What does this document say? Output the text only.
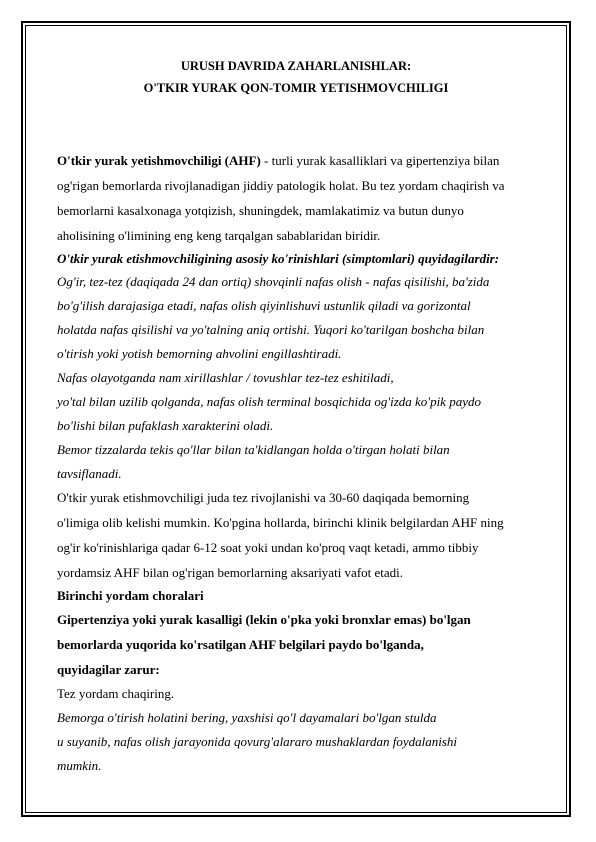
URUSH DAVRIDA ZAHARLANISHLAR:
O'TKIR YURAK QON-TOMIR YETISHMOVCHILIGI
O'tkir yurak yetishmovchiligi (AHF) - turli yurak kasalliklari va gipertenziya bilan
og'rigan bemorlarda rivojlanadigan jiddiy patologik holat. Bu tez yordam chaqirish va
bemorlarni kasalxonaga yotqizish, shuningdek, mamlakatimiz va butun dunyo
aholisining o'limining eng keng tarqalgan sabablaridan biridir.
O'tkir yurak etishmovchiligining asosiy ko'rinishlari (simptomlari) quyidagilardir:
Og'ir, tez-tez (daqiqada 24 dan ortiq) shovqinli nafas olish - nafas qisilishi, ba'zida
bo'g'ilish darajasiga etadi, nafas olish qiyinlishuvi ustunlik qiladi va gorizontal
holatda nafas qisilishi va yo'talning aniq ortishi. Yuqori ko'tarilgan boshcha bilan
o'tirish yoki yotish bemorning ahvolini engillashtiradi.
Nafas olayotganda nam xirillashlar / tovushlar tez-tez eshitiladi,
yo'tal bilan uzilib qolganda, nafas olish terminal bosqichida og'izda ko'pik paydo
bo'lishi bilan pufaklash xarakterini oladi.
Bemor tizzalarda tekis qo'llar bilan ta'kidlangan holda o'tirgan holati bilan
tavsiflanadi.
O'tkir yurak etishmovchiligi juda tez rivojlanishi va 30-60 daqiqada bemorning
o'limiga olib kelishi mumkin. Ko'pgina hollarda, birinchi klinik belgilardan AHF ning
og'ir ko'rinishlariga qadar 6-12 soat yoki undan ko'proq vaqt ketadi, ammo tibbiy
yordamsiz AHF bilan og'rigan bemorlarning aksariyati vafot etadi.
Birinchi yordam choralari
Gipertenziya yoki yurak kasalligi (lekin o'pka yoki bronxlar emas) bo'lgan
bemorlarda yuqorida ko'rsatilgan AHF belgilari paydo bo'lganda,
quyidagilar zarur:
Tez yordam chaqiring.
Bemorga o'tirish holatini bering, yaxshisi qo'l dayamalari bo'lgan stulda
u suyanib, nafas olish jarayonida qovurg'alararo mushaklardan foydalanishi
mumkin.
